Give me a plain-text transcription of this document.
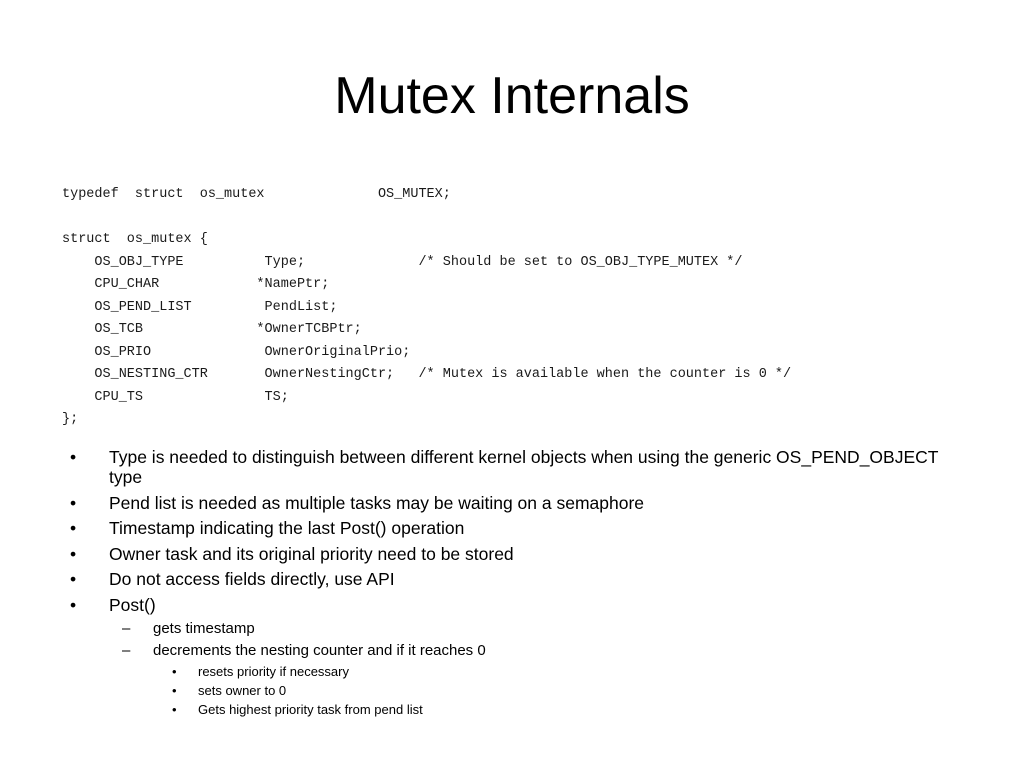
Mutex Internals
typedef  struct  os_mutex              OS_MUTEX;
struct  os_mutex {
OS_OBJ_TYPE          Type;              /* Should be set to OS_OBJ_TYPE_MUTEX */
CPU_CHAR            *NamePtr;
OS_PEND_LIST         PendList;
OS_TCB              *OwnerTCBPtr;
OS_PRIO              OwnerOriginalPrio;
OS_NESTING_CTR       OwnerNestingCtr;   /* Mutex is available when the counter is 0 */
CPU_TS               TS;
};
• Type is needed to distinguish between different kernel objects when using the generic OS_PEND_OBJECT type
• Pend list is needed as multiple tasks may be waiting on a semaphore
• Timestamp indicating the last Post() operation
• Owner task and its original priority need to be stored
• Do not access fields directly, use API
• Post()
– gets timestamp
– decrements the nesting counter and if it reaches 0
• resets priority if necessary
• sets owner to 0
• Gets highest priority task from pend list
